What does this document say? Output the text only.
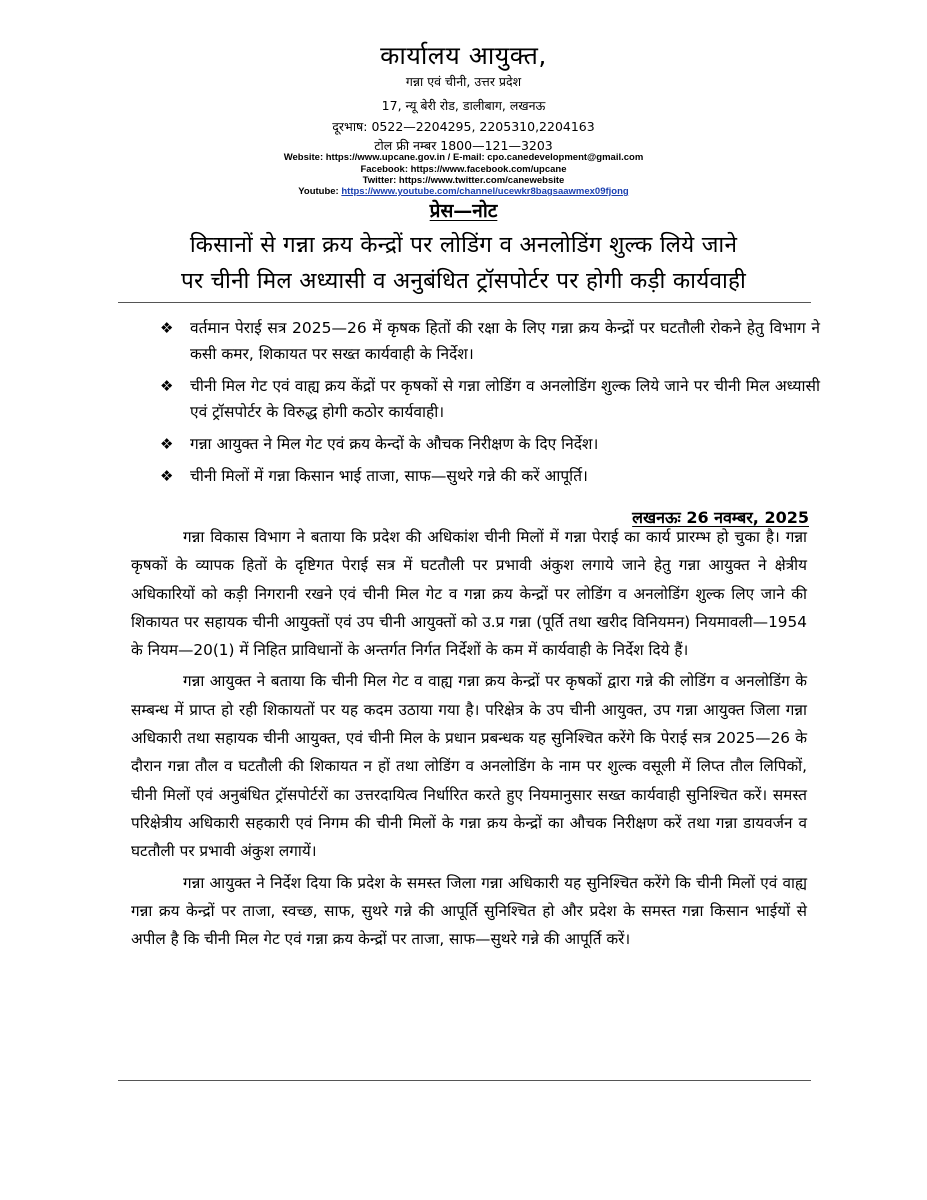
कार्यालय आयुक्त,
गन्ना एवं चीनी, उत्तर प्रदेश
17, न्यू बेरी रोड, डालीबाग, लखनऊ
दूरभाष: 0522—2204295, 2205310,2204163
टोल फ्री नम्बर 1800—121—3203
Website: https://www.upcane.gov.in / E-mail: cpo.canedevelopment@gmail.com
Facebook: https://www.facebook.com/upcane
Twitter: https://www.twitter.com/canewebsite
Youtube: https://www.youtube.com/channel/ucewkr8bagsaawmex09fjong
प्रेस—नोट
किसानों से गन्ना क्रय केन्द्रों पर लोडिंग व अनलोडिंग शुल्क लिये जाने
पर चीनी मिल अध्यासी व अनुबंधित ट्रॉसपोर्टर पर होगी कड़ी कार्यवाही
❖ वर्तमान पेराई सत्र 2025—26 में कृषक हितों की रक्षा के लिए गन्ना क्रय केन्द्रों पर घटतौली रोकने हेतु विभाग ने कसी कमर, शिकायत पर सख्त कार्यवाही के निर्देश।
❖ चीनी मिल गेट एवं वाह्य क्रय केंद्रों पर कृषकों से गन्ना लोडिंग व अनलोडिंग शुल्क लिये जाने पर चीनी मिल अध्यासी एवं ट्रॉसपोर्टर के विरुद्ध होगी कठोर कार्यवाही।
❖ गन्ना आयुक्त ने मिल गेट एवं क्रय केन्दों के औचक निरीक्षण के दिए निर्देश।
❖ चीनी मिलों में गन्ना किसान भाई ताजा, साफ—सुथरे गन्ने की करें आपूर्ति।
लखनऊः 26 नवम्बर, 2025

गन्ना विकास विभाग ने बताया कि प्रदेश की अधिकांश चीनी मिलों में गन्ना पेराई का कार्य प्रारम्भ हो चुका है। गन्ना कृषकों के व्यापक हितों के दृष्टिगत पेराई सत्र में घटतौली पर प्रभावी अंकुश लगाये जाने हेतु गन्ना आयुक्त ने क्षेत्रीय अधिकारियों को कड़ी निगरानी रखने एवं चीनी मिल गेट व गन्ना क्रय केन्द्रों पर लोडिंग व अनलोडिंग शुल्क लिए जाने की शिकायत पर सहायक चीनी आयुक्तों एवं उप चीनी आयुक्तों को उ.प्र गन्ना (पूर्ति तथा खरीद विनियमन) नियमावली—1954 के नियम—20(1) में निहित प्राविधानों के अन्तर्गत निर्गत निर्देशों के कम में कार्यवाही के निर्देश दिये हैं।

गन्ना आयुक्त ने बताया कि चीनी मिल गेट व वाह्य गन्ना क्रय केन्द्रों पर कृषकों द्वारा गन्ने की लोडिंग व अनलोडिंग के सम्बन्ध में प्राप्त हो रही शिकायतों पर यह कदम उठाया गया है। परिक्षेत्र के उप चीनी आयुक्त, उप गन्ना आयुक्त जिला गन्ना अधिकारी तथा सहायक चीनी आयुक्त, एवं चीनी मिल के प्रधान प्रबन्धक यह सुनिश्चित करेंगे कि पेराई सत्र 2025—26 के दौरान गन्ना तौल व घटतौली की शिकायत न हों तथा लोडिंग व अनलोडिंग के नाम पर शुल्क वसूली में लिप्त तौल लिपिकों, चीनी मिलों एवं अनुबंधित ट्रॉसपोर्टरों का उत्तरदायित्व निर्धारित करते हुए नियमानुसार सख्त कार्यवाही सुनिश्चित करें। समस्त परिक्षेत्रीय अधिकारी सहकारी एवं निगम की चीनी मिलों के गन्ना क्रय केन्द्रों का औचक निरीक्षण करें तथा गन्ना डायवर्जन व घटतौली पर प्रभावी अंकुश लगायें।

गन्ना आयुक्त ने निर्देश दिया कि प्रदेश के समस्त जिला गन्ना अधिकारी यह सुनिश्चित करेंगे कि चीनी मिलों एवं वाह्य गन्ना क्रय केन्द्रों पर ताजा, स्वच्छ, साफ, सुथरे गन्ने की आपूर्ति सुनिश्चित हो और प्रदेश के समस्त गन्ना किसान भाईयों से अपील है कि चीनी मिल गेट एवं गन्ना क्रय केन्द्रों पर ताजा, साफ—सुथरे गन्ने की आपूर्ति करें।
